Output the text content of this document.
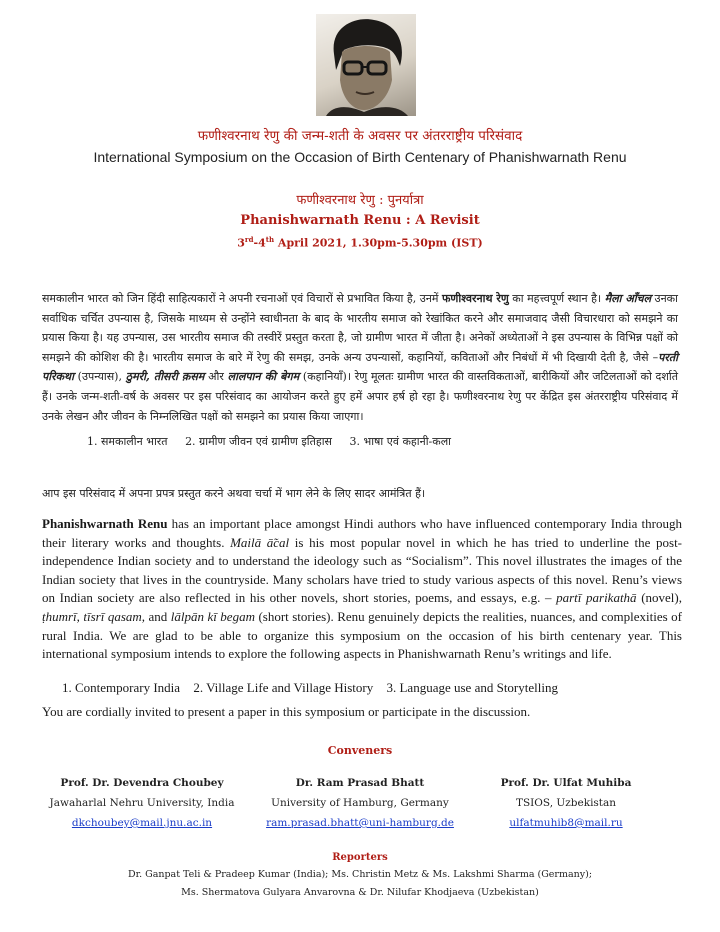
फणीश्वरनाथ रेणु की जन्म-शती के अवसर पर अंतरराष्ट्रीय परिसंवाद
International Symposium on the Occasion of Birth Centenary of Phanishwarnath Renu
फणीश्वरनाथ रेणु : पुनर्यात्रा
Phanishwarnath Renu : A Revisit
3rd-4th April 2021, 1.30pm-5.30pm (IST)
समकालीन भारत को जिन हिंदी साहित्यकारों ने अपनी रचनाओं एवं विचारों से प्रभावित किया है, उनमें फणीश्वरनाथ रेणु का महत्त्वपूर्ण स्थान है। मैला आँचल उनका सर्वाधिक चर्चित उपन्यास है, जिसके माध्यम से उन्होंने स्वाधीनता के बाद के भारतीय समाज को रेखांकित करने और समाजवाद जैसी विचारधारा को समझने का प्रयास किया है। यह उपन्यास, उस भारतीय समाज की तस्वीरें प्रस्तुत करता है, जो ग्रामीण भारत में जीता है। अनेकों अध्येताओं ने इस उपन्यास के विभिन्न पक्षों को समझने की कोशिश की है। भारतीय समाज के बारे में रेणु की समझ, उनके अन्य उपन्यासों, कहानियों, कविताओं और निबंधों में भी दिखायी देती है, जैसे –परती परिकथा (उपन्यास), ठुमरी, तीसरी क़सम और लालपान की बेगम (कहानियाँ)। रेणु मूलतः ग्रामीण भारत की वास्तविकताओं, बारीकियों और जटिलताओं को दर्शाते हैं। उनके जन्म-शती-वर्ष के अवसर पर इस परिसंवाद का आयोजन करते हुए हमें अपार हर्ष हो रहा है। फणीश्वरनाथ रेणु पर केंद्रित इस अंतरराष्ट्रीय परिसंवाद में उनके लेखन और जीवन के निम्नलिखित पक्षों को समझने का प्रयास किया जाएगा।
1. समकालीन भारत 2. ग्रामीण जीवन एवं ग्रामीण इतिहास 3. भाषा एवं कहानी-कला
आप इस परिसंवाद में अपना प्रपत्र प्रस्तुत करने अथवा चर्चा में भाग लेने के लिए सादर आमंत्रित हैं।
Phanishwarnath Renu has an important place amongst Hindi authors who have influenced contemporary India through their literary works and thoughts. Mailā ā̃cal is his most popular novel in which he has tried to underline the post-independence Indian society and to understand the ideology such as “Socialism”. This novel illustrates the images of the Indian society that lives in the countryside. Many scholars have tried to study various aspects of this novel. Renu’s views on Indian society are also reflected in his other novels, short stories, poems, and essays, e.g. – partī parikathā (novel), ṭhumrī, tīsrī qasam, and lālpān kī begam (short stories). Renu genuinely depicts the realities, nuances, and complexities of rural India. We are glad to be able to organize this symposium on the occasion of his birth centenary year. This international symposium intends to explore the following aspects in Phanishwarnath Renu’s writings and life.
1. Contemporary India 2. Village Life and Village History 3. Language use and Storytelling
You are cordially invited to present a paper in this symposium or participate in the discussion.
Conveners
Prof. Dr. Devendra Choubey
Jawaharlal Nehru University, India
dkchoubey@mail.jnu.ac.in
Dr. Ram Prasad Bhatt
University of Hamburg, Germany
ram.prasad.bhatt@uni-hamburg.de
Prof. Dr. Ulfat Muhiba
TSIOS, Uzbekistan
ulfatmuhib8@mail.ru
Reporters
Dr. Ganpat Teli & Pradeep Kumar (India); Ms. Christin Metz & Ms. Lakshmi Sharma (Germany);
Ms. Shermatova Gulyara Anvarovna & Dr. Nilufar Khodjaeva (Uzbekistan)
